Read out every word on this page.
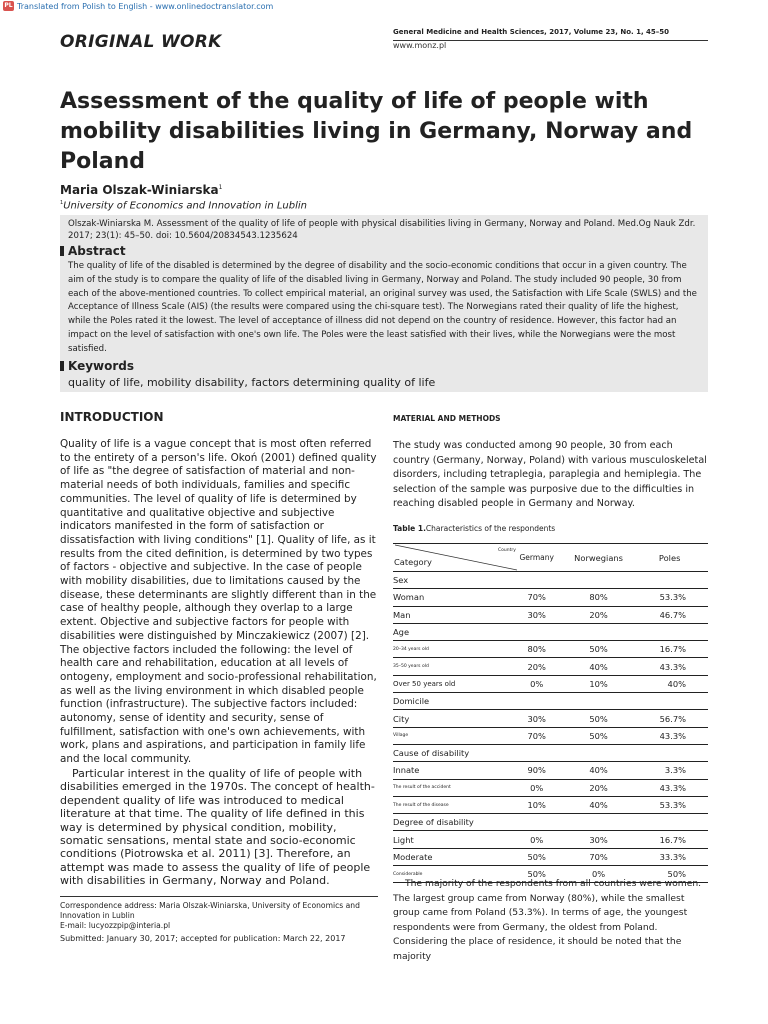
PL Translated from Polish to English - www.onlinedoctranslator.com
ORIGINAL WORK	General Medicine and Health Sciences, 2017, Volume 23, No. 1, 45–50
www.monz.pl
Assessment of the quality of life of people with mobility disabilities living in Germany, Norway and Poland
Maria Olszak-Winiarska$^1$
$^1$University of Economics and Innovation in Lublin
Olszak-Winiarska M. Assessment of the quality of life of people with physical disabilities living in Germany, Norway and Poland. Med.Og Nauk Zdr. 2017; 23(1): 45–50. doi: 10.5604/20834543.1235624
Abstract
The quality of life of the disabled is determined by the degree of disability and the socio-economic conditions that occur in a given country. The aim of the study is to compare the quality of life of the disabled living in Germany, Norway and Poland. The study included 90 people, 30 from each of the above-mentioned countries. To collect empirical material, an original survey was used, the Satisfaction with Life Scale (SWLS) and the Acceptance of Illness Scale (AIS) (the results were compared using the chi-square test). The Norwegians rated their quality of life the highest, while the Poles rated it the lowest. The level of acceptance of illness did not depend on the country of residence. However, this factor had an impact on the level of satisfaction with one's own life. The Poles were the least satisfied with their lives, while the Norwegians were the most satisfied.
Keywords
quality of life, mobility disability, factors determining quality of life
INTRODUCTION

Quality of life is a vague concept that is most often referred to the entirety of a person's life. Okoń (2001) defined quality of life as "the degree of satisfaction of material and non-material needs of both individuals, families and specific communities. The level of quality of life is determined by quantitative and qualitative objective and subjective indicators manifested in the form of satisfaction or dissatisfaction with living conditions" [1]. Quality of life, as it results from the cited definition, is determined by two types of factors - objective and subjective. In the case of people with mobility disabilities, due to limitations caused by the disease, these determinants are slightly different than in the case of healthy people, although they overlap to a large extent. Objective and subjective factors for people with disabilities were distinguished by Minczakiewicz (2007) [2]. The objective factors included the following: the level of health care and rehabilitation, education at all levels of ontogeny, employment and socio-professional rehabilitation, as well as the living environment in which disabled people function (infrastructure). The subjective factors included: autonomy, sense of identity and security, sense of fulfillment, satisfaction with one's own achievements, with work, plans and aspirations, and participation in family life and the local community.

Particular interest in the quality of life of people with disabilities emerged in the 1970s. The concept of health-dependent quality of life was introduced to medical literature at that time. The quality of life defined in this way is determined by physical condition, mobility, somatic sensations, mental state and socio-economic conditions (Piotrowska et al. 2011) [3]. Therefore, an attempt was made to assess the quality of life of people with disabilities in Germany, Norway and Poland.

Correspondence address: Maria Olszak-Winiarska, University of Economics and Innovation in Lublin
E-mail: lucyozzpip@interia.pl
Submitted: January 30, 2017; accepted for publication: March 22, 2017
MATERIAL AND METHODS
The study was conducted among 90 people, 30 from each country (Germany, Norway, Poland) with various musculoskeletal disorders, including tetraplegia, paraplegia and hemiplegia. The selection of the sample was purposive due to the difficulties in reaching disabled people in Germany and Norway.
Table 1.Characteristics of the respondents
Country
Category	Germany	Norwegians	Poles
Sex			
Woman	70%	80%	53.3%
Man	30%	20%	46.7%
Age			
20–34 years old	80%	50%	16.7%
35–50 years old	20%	40%	43.3%
Over 50 years old	0%	10%	40%
Domicile			
City	30%	50%	56.7%
Village	70%	50%	43.3%
Cause of disability			
Innate	90%	40%	3.3%
The result of the accident	0%	20%	43.3%
The result of the disease	10%	40%	53.3%
Degree of disability			
Light	0%	30%	16.7%
Moderate	50%	70%	33.3%
Considerable	50%	0%	50%

The majority of the respondents from all countries were women. The largest group came from Norway (80%), while the smallest group came from Poland (53.3%). In terms of age, the youngest respondents were from Germany, the oldest from Poland. Considering the place of residence, it should be noted that the majority
